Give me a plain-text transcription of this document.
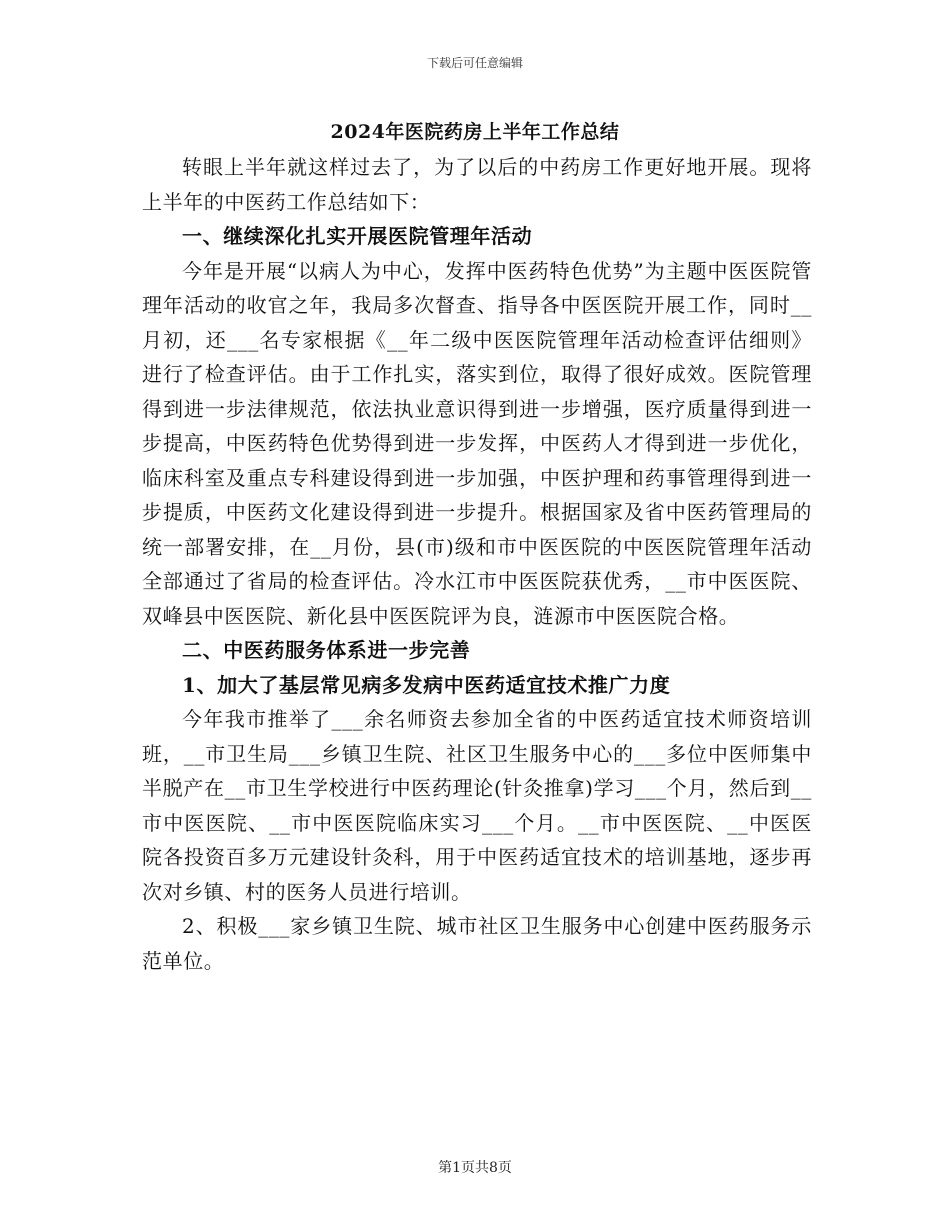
下载后可任意编辑
2024年医院药房上半年工作总结

转眼上半年就这样过去了，为了以后的中药房工作更好地开展。现将上半年的中医药工作总结如下：

一、继续深化扎实开展医院管理年活动

今年是开展“以病人为中心，发挥中医药特色优势”为主题中医医院管理年活动的收官之年，我局多次督查、指导各中医医院开展工作，同时__月初，还___名专家根据《__年二级中医医院管理年活动检查评估细则》进行了检查评估。由于工作扎实，落实到位，取得了很好成效。医院管理得到进一步法律规范，依法执业意识得到进一步增强，医疗质量得到进一步提高，中医药特色优势得到进一步发挥，中医药人才得到进一步优化，临床科室及重点专科建设得到进一步加强，中医护理和药事管理得到进一步提质，中医药文化建设得到进一步提升。根据国家及省中医药管理局的统一部署安排，在__月份，县(市)级和市中医医院的中医医院管理年活动全部通过了省局的检查评估。冷水江市中医医院获优秀，__市中医医院、双峰县中医医院、新化县中医医院评为良，涟源市中医医院合格。

二、中医药服务体系进一步完善

1、加大了基层常见病多发病中医药适宜技术推广力度

今年我市推举了___余名师资去参加全省的中医药适宜技术师资培训班，__市卫生局___乡镇卫生院、社区卫生服务中心的___多位中医师集中半脱产在__市卫生学校进行中医药理论(针灸推拿)学习___个月，然后到__市中医医院、__市中医医院临床实习___个月。__市中医医院、__中医医院各投资百多万元建设针灸科，用于中医药适宜技术的培训基地，逐步再次对乡镇、村的医务人员进行培训。

2、积极___家乡镇卫生院、城市社区卫生服务中心创建中医药服务示范单位。

第1页共8页
